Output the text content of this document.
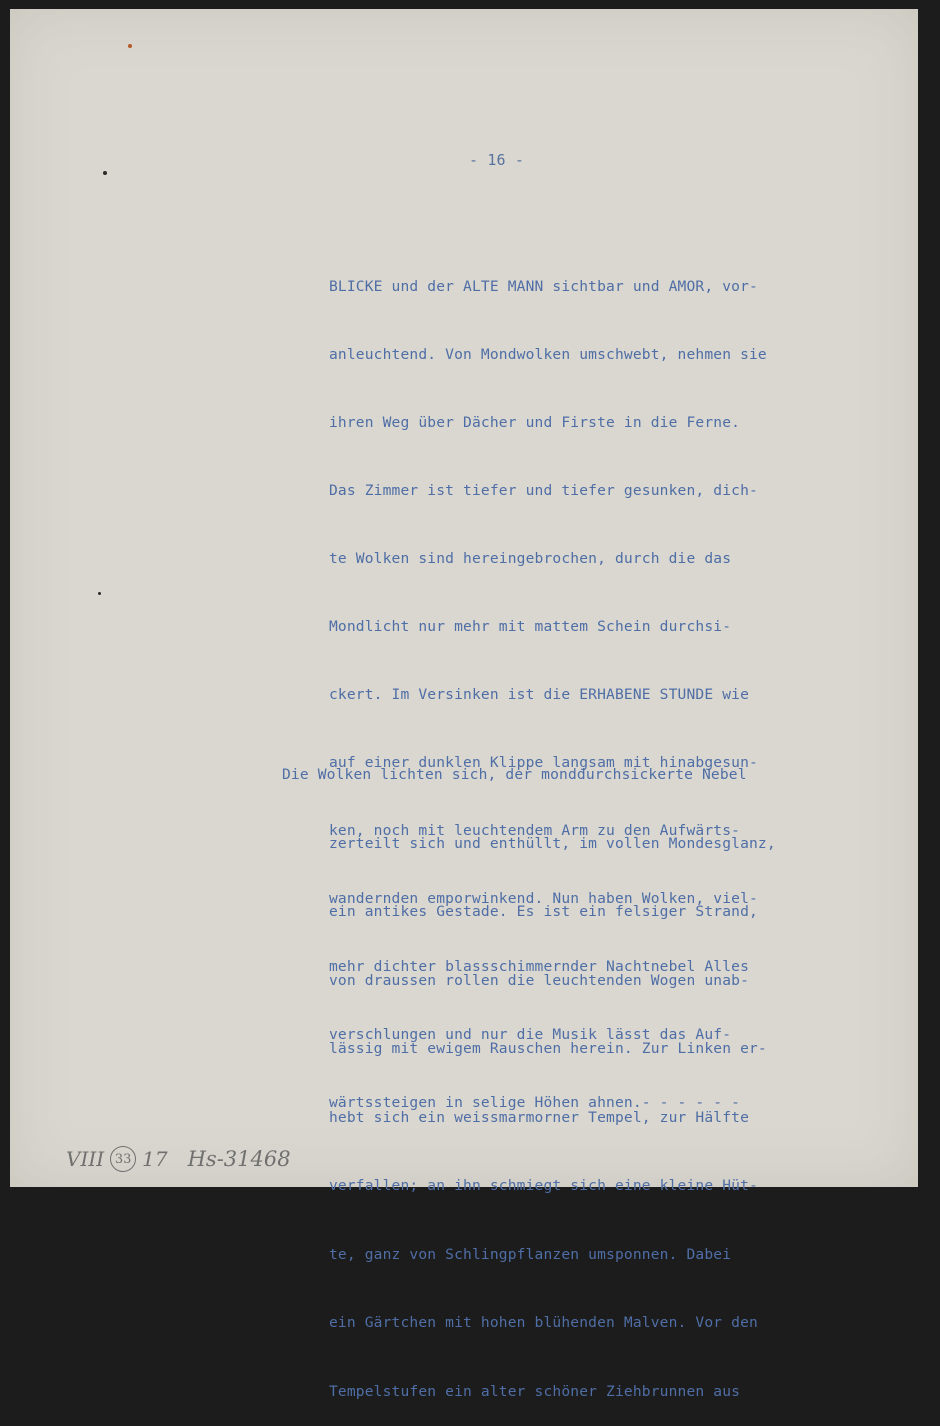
- 16 -

BLICKE und der ALTE MANN sichtbar und AMOR, vor-

anleuchtend. Von Mondwolken umschwebt, nehmen sie

ihren Weg über Dächer und Firste in die Ferne.

Das Zimmer ist tiefer und tiefer gesunken, dich-

te Wolken sind hereingebrochen, durch die das

Mondlicht nur mehr mit mattem Schein durchsi-

ckert. Im Versinken ist die ERHABENE STUNDE wie

auf einer dunklen Klippe langsam mit hinabgesun-

ken, noch mit leuchtendem Arm zu den Aufwärts-

wandernden emporwinkend. Nun haben Wolken, viel-

mehr dichter blassschimmernder Nachtnebel Alles

verschlungen und nur die Musik lässt das Auf-

wärtssteigen in selige Höhen ahnen.- - - - - -

Die Wolken lichten sich, der monddurchsickerte Nebel

zerteilt sich und enthüllt, im vollen Mondesglanz,

ein antikes Gestade. Es ist ein felsiger Strand,

von draussen rollen die leuchtenden Wogen unab-

lässig mit ewigem Rauschen herein. Zur Linken er-

hebt sich ein weissmarmorner Tempel, zur Hälfte

verfallen; an ihn schmiegt sich eine kleine Hüt-

te, ganz von Schlingpflanzen umsponnen. Dabei

ein Gärtchen mit hohen blühenden Malven. Vor den

Tempelstufen ein alter schöner Ziehbrunnen aus

VIII 33 17 Hs-31468
